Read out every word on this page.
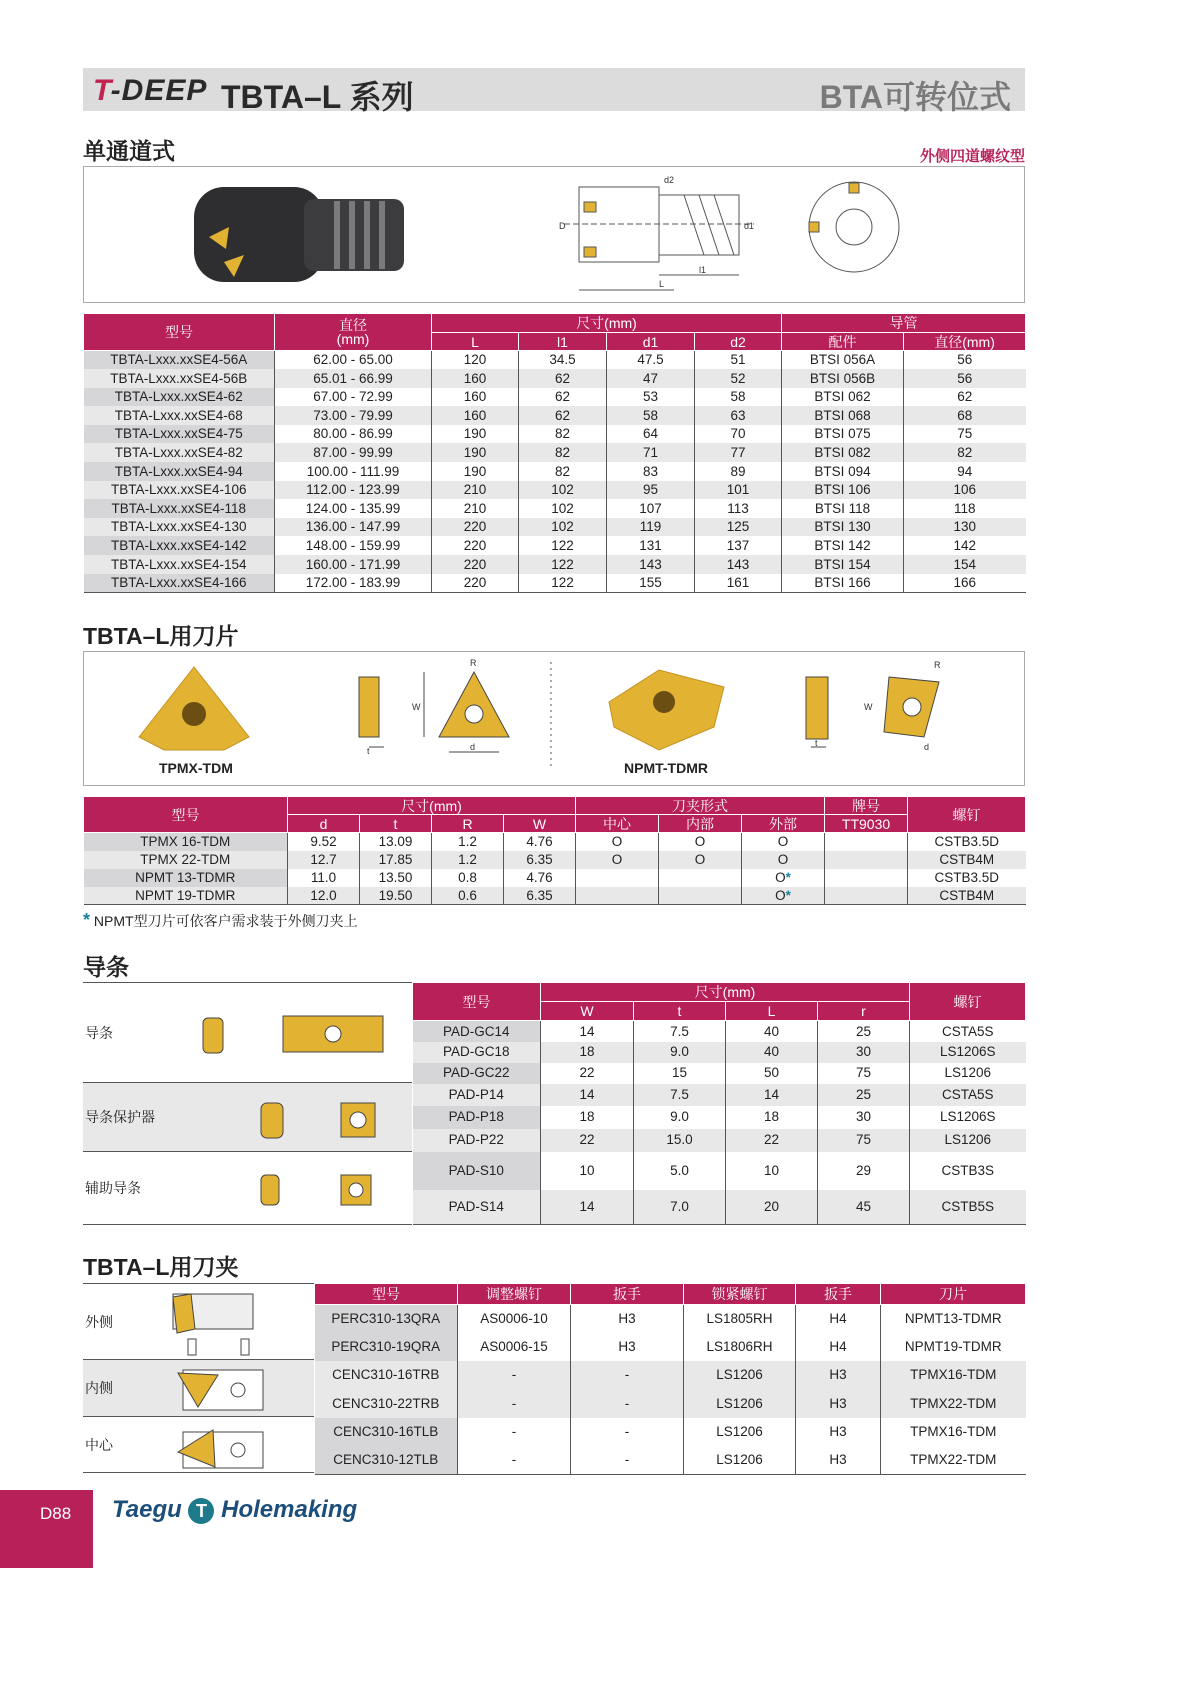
T-DEEP TBTA–L 系列	BTA可转位式
单通道式	外侧四道螺纹型
D
d2
d1
l1
L
型号	直径
(mm)	尺寸(mm)				导管	
		L	l1	d1	d2	配件	直径(mm)
TBTA-Lxxx.xxSE4-56A	62.00 - 65.00	120	34.5	47.5	51	BTSI 056A	56
TBTA-Lxxx.xxSE4-56B	65.01 - 66.99	160	62	47	52	BTSI 056B	56
TBTA-Lxxx.xxSE4-62	67.00 - 72.99	160	62	53	58	BTSI 062	62
TBTA-Lxxx.xxSE4-68	73.00 - 79.99	160	62	58	63	BTSI 068	68
TBTA-Lxxx.xxSE4-75	80.00 - 86.99	190	82	64	70	BTSI 075	75
TBTA-Lxxx.xxSE4-82	87.00 - 99.99	190	82	71	77	BTSI 082	82
TBTA-Lxxx.xxSE4-94	100.00 - 111.99	190	82	83	89	BTSI 094	94
TBTA-Lxxx.xxSE4-106	112.00 - 123.99	210	102	95	101	BTSI 106	106
TBTA-Lxxx.xxSE4-118	124.00 - 135.99	210	102	107	113	BTSI 118	118
TBTA-Lxxx.xxSE4-130	136.00 - 147.99	220	102	119	125	BTSI 130	130
TBTA-Lxxx.xxSE4-142	148.00 - 159.99	220	122	131	137	BTSI 142	142
TBTA-Lxxx.xxSE4-154	160.00 - 171.99	220	122	143	143	BTSI 154	154
TBTA-Lxxx.xxSE4-166	172.00 - 183.99	220	122	155	161	BTSI 166	166
TBTA–L用刀片
t
W
d
R
t
W
d
R
TPMX-TDM	NPMT-TDMR
型号	尺寸(mm)				刀夹形式			牌号	螺钉
	d	t	R	W	中心	内部	外部	TT9030	
TPMX 16-TDM	9.52	13.09	1.2	4.76	O	O	O		CSTB3.5D
TPMX 22-TDM	12.7	17.85	1.2	6.35	O	O	O		CSTB4M
NPMT 13-TDMR	11.0	13.50	0.8	4.76			O*		CSTB3.5D
NPMT 19-TDMR	12.0	19.50	0.6	6.35			O*		CSTB4M
* NPMT型刀片可依客户需求装于外侧刀夹上
导条
导条
导条保护器
辅助导条
型号	尺寸(mm)				螺钉
	W	t	L	r	
PAD-GC14	14	7.5	40	25	CSTA5S
PAD-GC18	18	9.0	40	30	LS1206S
PAD-GC22	22	15	50	75	LS1206
PAD-P14	14	7.5	14	25	CSTA5S
PAD-P18	18	9.0	18	30	LS1206S
PAD-P22	22	15.0	22	75	LS1206
PAD-S10	10	5.0	10	29	CSTB3S
PAD-S14	14	7.0	20	45	CSTB5S
TBTA–L用刀夹
外侧
内侧
中心
型号	调整螺钉	扳手	锁紧螺钉	扳手	刀片
PERC310-13QRA	AS0006-10	H3	LS1805RH	H4	NPMT13-TDMR
PERC310-19QRA	AS0006-15	H3	LS1806RH	H4	NPMT19-TDMR
CENC310-16TRB	-	-	LS1206	H3	TPMX16-TDM
CENC310-22TRB	-	-	LS1206	H3	TPMX22-TDM
CENC310-16TLB	-	-	LS1206	H3	TPMX16-TDM
CENC310-12TLB	-	-	LS1206	H3	TPMX22-TDM
D88	Taegu T Holemaking
